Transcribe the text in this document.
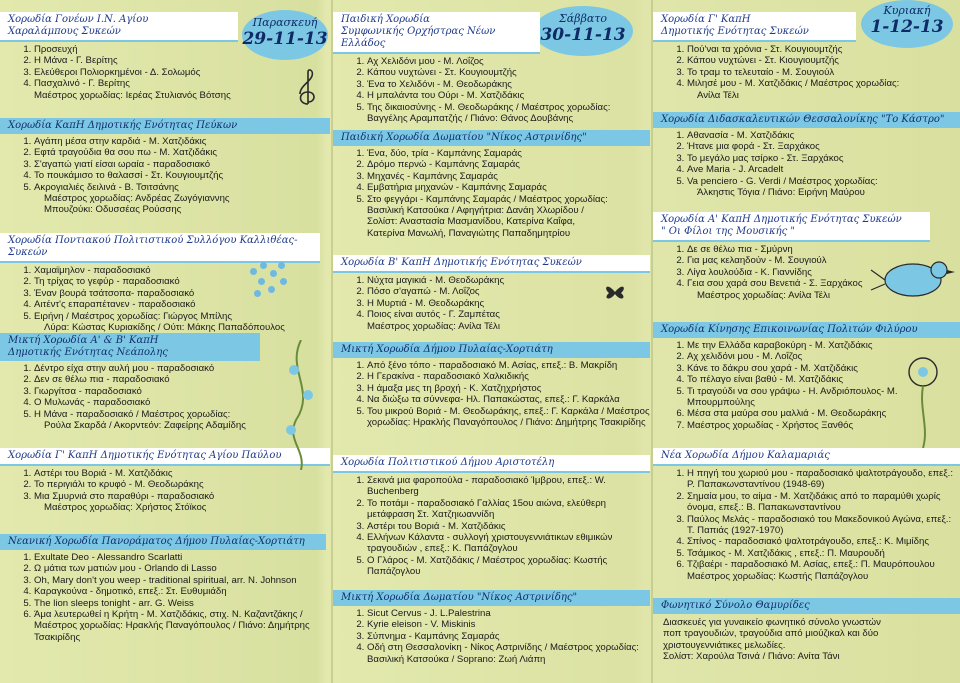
Παρασκευή
29-11-13
Χορωδία Γονέων Ι.Ν. Αγίου
Χαραλάμπους Συκεών
1. Προσευχή
2. Η Μάνα - Γ. Βερίτης
3. Ελεύθεροι Πολιορκημένοι - Δ. Σολωμός
4. Πασχαλινό - Γ. Βερίτης
Μαέστρος χορωδίας: Ιερέας Στυλιανός Βότσης
Χορωδία ΚαπΗ Δημοτικής Ενότητας Πεύκων
1. Αγάπη μέσα στην καρδιά - Μ. Χατζιδάκις
2. Εφτά τραγούδια θα σου πω - Μ. Χατζιδάκις
3. Σ'αγαπώ γιατί είσαι ωραία - παραδοσιακό
4. Το πουκάμισο το θαλασσί - Στ. Κουγιουμτζής
5. Ακρογιαλιές δειλινά - Β. Τσιτσάνης
Μαέστρος χορωδίας: Ανδρέας Ζωγόγιαννης
Μπουζούκι: Οδυσσέας Ρούσσης
Χορωδία Ποντιακού Πολιτιστικού Συλλόγου Καλλιθέας-Συκεών
1. Χαμαϊμηλον - παραδοσιακό
2. Τη τρίχας το γεφύρ - παραδοσιακό
3. Έναν βουρά τσάτσοπα- παραδοσιακό
4. Αιτέντ'ς επαραπέτανεν - παραδοσιακό
5. Ειρήνη / Μαέστρος χορωδίας: Γιώργος Μπίλης
Λύρα: Κώστας Κυριακίδης / Ούτι: Μάκης Παπαδόπουλος
Μικτή Χορωδία Α' & Β' ΚαπΗ
Δημοτικής Ενότητας Νεάπολης
1. Δέντρο είχα στην αυλή μου - παραδοσιακό
2. Δεν σε θέλω πια - παραδοσιακό
3. Γιωργίτσα - παραδοσιακό
4. Ο Μυλωνάς - παραδοσιακό
5. Η Μάνα - παραδοσιακό / Μαέστρος χορωδίας:
Ρούλα Σκαρδά / Ακορντεόν: Ζαφείρης Αδαμίδης
Χορωδία Γ' ΚαπΗ Δημοτικής Ενότητας Αγίου Παύλου
1. Αστέρι του Βοριά - Μ. Χατζιδάκις
2. Το περιγιάλι το κρυφό - Μ. Θεοδωράκης
3. Μια Σμυρνιά στο παραθύρι - παραδοσιακό
Μαέστρος χορωδίας: Χρήστος Στόϊκος
Νεανική Χορωδία Πανοράματος Δήμου Πυλαίας-Χορτιάτη
1. Exultate Deo - Alessandro Scarlatti
2. Ω μάτια των ματιών μου - Orlando di Lasso
3. Oh, Mary don't you weep - traditional spiritual, arr. N. Johnson
4. Καραγκούνα - δημοτικό, επεξ.: Στ. Ευθυμιάδη
5. The lion sleeps tonight - arr. G. Weiss
6. Άμα λευτερωθεί η Κρήτη - Μ. Χατζιδάκις, στιχ. Ν. Καζαντζάκης / Μαέστρος χορωδίας: Ηρακλής Παναγόπουλος / Πιάνο: Δημήτρης Τσακιρίδης
Σάββατο
30-11-13
Παιδική Χορωδία
Συμφωνικής Ορχήστρας Νέων Ελλάδος
1. Αχ Χελιδόνι μου - Μ. Λοΐζος
2. Κάπου νυχτώνει - Στ. Κουγιουμτζής
3. Ένα το Χελιδόνι - Μ. Θεοδωράκης
4. Η μπαλάντα του Ούρι - Μ. Χατζιδάκις
5. Της δικαιοσύνης - Μ. Θεοδωράκης / Μαέστρος χορωδίας:
Βαγγέλης Αραμπατζής / Πιάνο: Θάνος Δουβάνης
Παιδική Χορωδία Δωματίου "Νίκος Αστρινίδης"
1. Ένα, δύο, τρία - Καμπάνης Σαμαράς
2. Δρόμο περνώ - Καμπάνης Σαμαράς
3. Μηχανές - Καμπάνης Σαμαράς
4. Εμβατήρια μηχανών - Καμπάνης Σαμαράς
5. Στο φεγγάρι - Καμπάνης Σαμαράς / Μαέστρος χορωδίας:
Βασιλική Κατσούκα / Αφηγήτρια: Δανάη Χλωρίδου /
Σολίστ: Αναστασία Μασμανίδου, Κατερίνα Καΐφα,
Κατερίνα Μανωλή, Παναγιώτης Παπαδημητρίου
Χορωδία Β' ΚαπΗ Δημοτικής Ενότητας Συκεών
1. Νύχτα μαγικιά - Μ. Θεοδωράκης
2. Πόσο σ'αγαπώ - Μ. Λοΐζος
3. Η Μυρτιά - Μ. Θεοδωράκης
4. Ποιος είναι αυτός - Γ. Ζαμπέτας
Μαέστρος χορωδίας: Ανίλα Τέλι
Μικτή Χορωδία Δήμου Πυλαίας-Χορτιάτη
1. Από ξένο τόπο - παραδοσιακό Μ. Ασίας, επεξ.: Β. Μακρίδη
2. Η Γερακίνα - παραδοσιακό Χαλκιδικής
3. Η άμαξα μες τη βροχή - Κ. Χατζηχρήστος
4. Να διώξω τα σύννεφα- Ηλ. Παπακώστας, επεξ.: Γ. Καρκάλα
5. Του μικρού Βοριά - Μ. Θεοδωράκης, επεξ.: Γ. Καρκάλα / Μαέστρος χορωδίας: Ηρακλής Παναγόπουλος / Πιάνο: Δημήτρης Τσακιρίδης
Χορωδία Πολιτιστικού Δήμου Αριστοτέλη
1. Σεκινά μια φαροπούλα - παραδοσιακό Ίμβρου, επεξ.: W. Buchenberg
2. Το ποτάμι - παραδοσιακό Γαλλίας 15ου αιώνα, ελεύθερη μετάφραση Στ. Χατζηιωαννίδη
3. Αστέρι του Βοριά - Μ. Χατζιδάκις
4. Ελλήνων Κάλαντα - συλλογή χριστουγεννιάτικων εθιμικών τραγουδιών , επεξ.: Κ. Παπάζογλου
5. Ο Γλάρος - Μ. Χατζιδάκις / Μαέστρος χορωδίας: Κωστής Παπάζογλου
Μικτή Χορωδία Δωματίου "Νίκος Αστρινίδης"
1. Sicut Cervus - J. L.Palestrina
2. Kyrie eleison - V. Miskinis
3. Σύπνημα - Καμπάνης Σαμαράς
4. Οδή στη Θεσσαλονίκη - Νίκος Αστρινίδης / Μαέστρος χορωδίας: Βασιλική Κατσούκα / Soprano: Ζωή Λιάπη
Κυριακή
1-12-13
Χορωδία Γ' ΚαπΗ
Δημοτικής Ενότητας Συκεών
1. Πού'ναι τα χρόνια - Στ. Κουγιουμτζής
2. Κάπου νυχτώνει - Στ. Κιουγιουμτζής
3. Το τραμ το τελευταίο - Μ. Σουγιούλ
4. Μιλησέ μου - Μ. Χατζιδάκις / Μαέστρος χορωδίας:
Ανίλα Τέλι
Χορωδία Διδασκαλευτικών Θεσσαλονίκης "Το Κάστρο"
1. Αθανασία - Μ. Χατζιδάκις
2. Ήτανε μια φορά - Στ. Ξαρχάκος
3. Το μεγάλο μας τσίρκο - Στ. Ξαρχάκος
4. Ave Maria - J. Arcadelt
5. Va penciero - G. Verdi / Μαέστρος χορωδίας:
Άλκηστις Τόγια / Πιάνο: Ειρήνη Μαύρου
Χορωδία Α' ΚαπΗ Δημοτικής Ενότητας Συκεών
" Οι Φίλοι της Μουσικής "
1. Δε σε θέλω πια - Σμύρνη
2. Για μας κελαηδούν - Μ. Σουγιούλ
3. Λίγα λουλούδια - Κ. Γιαννίδης
4. Γεια σου χαρά σου Βενετιά - Σ. Ξαρχάκος
Μαέστρος χορωδίας: Ανίλα Τέλι
Χορωδία Κίνησης Επικοινωνίας Πολιτών Φιλύρου
1. Με την Ελλάδα καραβοκύρη - Μ. Χατζιδάκις
2. Αχ χελιδόνι μου - Μ. Λοΐζος
3. Κάνε το δάκρυ σου χαρά - Μ. Χατζιδάκις
4. Το πέλαγο είναι βαθύ - Μ. Χατζιδάκις
5. Τι τραγούδι να σου γράψω - Η. Ανδριόπουλος- Μ. Μπουρμπούλης
6. Μέσα στα μαύρα σου μαλλιά - Μ. Θεοδωράκης
7. Μαέστρος χορωδίας - Χρήστος Ξανθός
Νέα Χορωδία Δήμου Καλαμαριάς
1. Η πηγή του χωριού μου - παραδοσιακό ψαλτοτράγουδο, επεξ.: Ρ. Παπακωνσταντίνου (1948-69)
2. Σημαία μου, το αίμα - Μ. Χατζιδάκις από το παραμύθι χωρίς όνομα, επεξ.: Β. Παπακωνσταντίνου
3. Παύλος Μελάς - παραδοσιακό του Μακεδονικού Αγώνα, επεξ.: Τ. Παπιάς (1927-1970)
4. Σπίνος - παραδοσιακό ψαλτοτράγουδο, επεξ.: Κ. Μιμίδης
5. Τσάμικος - Μ. Χατζιδάκις , επεξ.: Π. Μαυρουδή
6. Τζιβαέρι - παραδοσιακό Μ. Ασίας, επεξ.: Π. Μαυρόπουλου Μαέστρος χορωδίας: Κωστής Παπάζογλου
Φωνητικό Σύνολο Θαμυρίδες
Διασκευές για γυναικείο φωνητικό σύνολο γνωστών
ποπ τραγουδιών, τραγούδια από μιούζικαλ και δύο
χριστουγεννιάτικες μελωδίες.
Σολίστ: Χαρούλα Τσινά / Πιάνο: Ανίτα Τάνι
